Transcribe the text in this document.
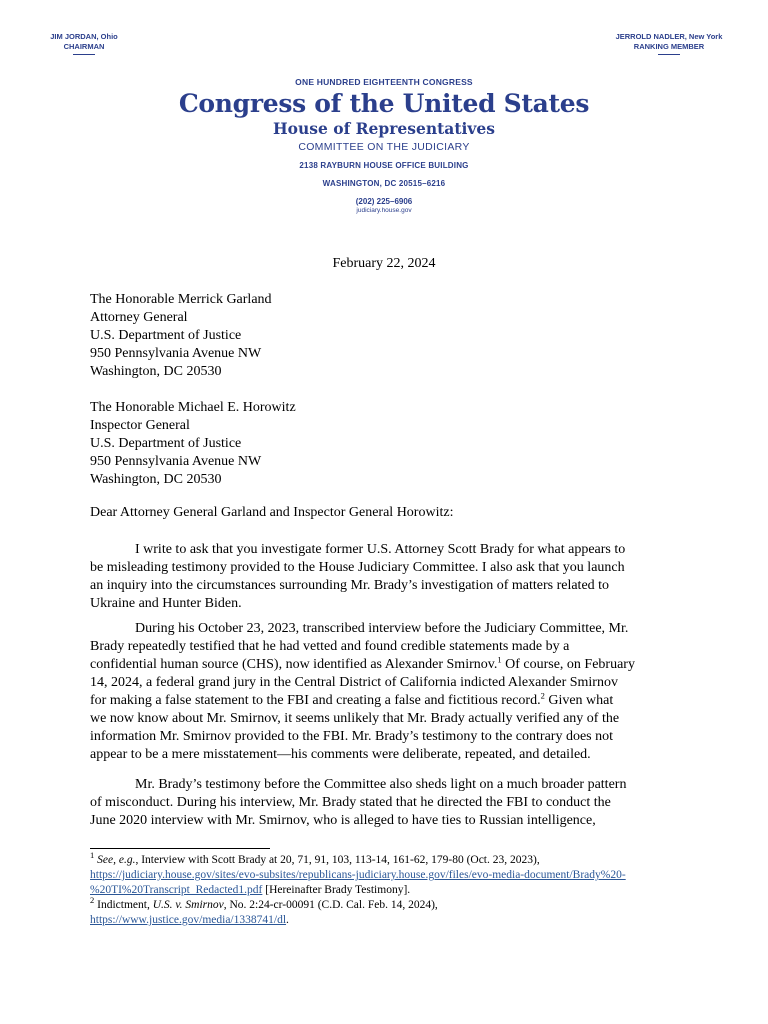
JIM JORDAN, Ohio
CHAIRMAN
JERROLD NADLER, New York
RANKING MEMBER
ONE HUNDRED EIGHTEENTH CONGRESS
Congress of the United States
House of Representatives
COMMITTEE ON THE JUDICIARY
2138 RAYBURN HOUSE OFFICE BUILDING
WASHINGTON, DC 20515–6216
(202) 225–6906
judiciary.house.gov
February 22, 2024
The Honorable Merrick Garland
Attorney General
U.S. Department of Justice
950 Pennsylvania Avenue NW
Washington, DC 20530
The Honorable Michael E. Horowitz
Inspector General
U.S. Department of Justice
950 Pennsylvania Avenue NW
Washington, DC 20530
Dear Attorney General Garland and Inspector General Horowitz:

I write to ask that you investigate former U.S. Attorney Scott Brady for what appears to

be misleading testimony provided to the House Judiciary Committee. I also ask that you launch

an inquiry into the circumstances surrounding Mr. Brady’s investigation of matters related to

Ukraine and Hunter Biden.

During his October 23, 2023, transcribed interview before the Judiciary Committee, Mr.

Brady repeatedly testified that he had vetted and found credible statements made by a

confidential human source (CHS), now identified as Alexander Smirnov.$^1$ Of course, on February

14, 2024, a federal grand jury in the Central District of California indicted Alexander Smirnov

for making a false statement to the FBI and creating a false and fictitious record.$^2$ Given what

we now know about Mr. Smirnov, it seems unlikely that Mr. Brady actually verified any of the

information Mr. Smirnov provided to the FBI. Mr. Brady’s testimony to the contrary does not

appear to be a mere misstatement—his comments were deliberate, repeated, and detailed.

Mr. Brady’s testimony before the Committee also sheds light on a much broader pattern

of misconduct. During his interview, Mr. Brady stated that he directed the FBI to conduct the

June 2020 interview with Mr. Smirnov, who is alleged to have ties to Russian intelligence,

$^1$ See, e.g., Interview with Scott Brady at 20, 71, 91, 103, 113-14, 161-62, 179-80 (Oct. 23, 2023),
https://judiciary.house.gov/sites/evo-subsites/republicans-judiciary.house.gov/files/evo-media-document/Brady%20-
%20TI%20Transcript_Redacted1.pdf [Hereinafter Brady Testimony].
$^2$ Indictment, U.S. v. Smirnov, No. 2:24-cr-00091 (C.D. Cal. Feb. 14, 2024),
https://www.justice.gov/media/1338741/dl.
